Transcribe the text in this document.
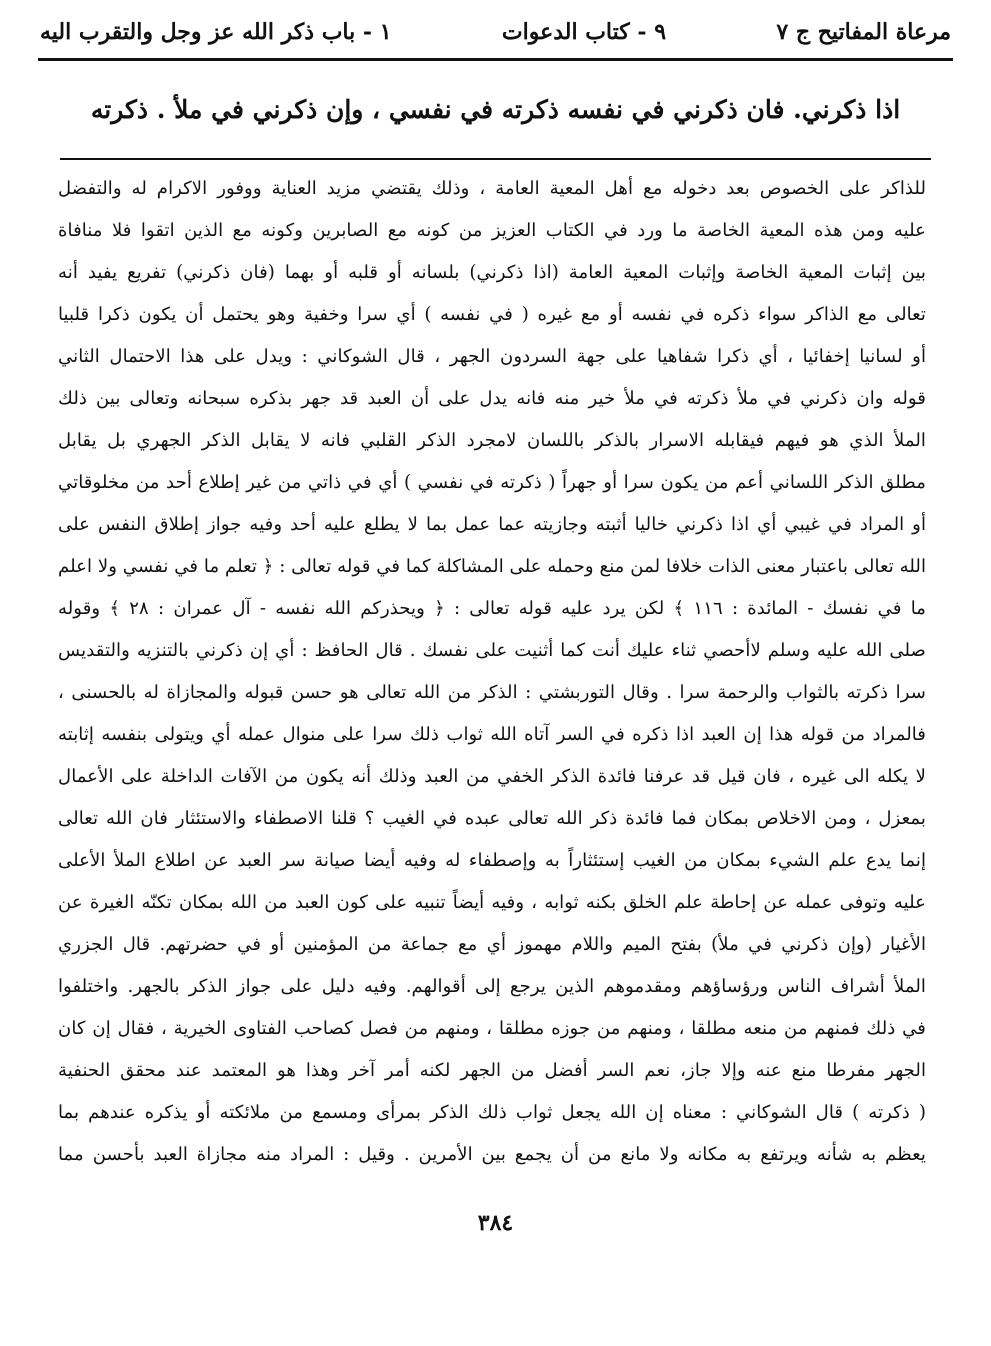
مرعاة المفاتيح ج ٧
٩ - كتاب الدعوات
١ - باب ذكر الله عز وجل والتقرب اليه
اذا ذكرني. فان ذكرني في نفسه ذكرته في نفسي ، وإن ذكرني في ملأ . ذكرته
للذاكر على الخصوص بعد دخوله مع أهل المعية العامة ، وذلك يقتضي مزيد العناية ووفور الاكرام له والتفضل
عليه ومن هذه المعية الخاصة ما ورد في الكتاب العزيز من كونه مع الصابرين وكونه مع الذين اتقوا فلا منافاة
بين إثبات المعية الخاصة وإثبات المعية العامة (اذا ذكرني) بلسانه أو قلبه أو بهما (فان ذكرني) تفريع يفيد أنه
تعالى مع الذاكر سواء ذكره في نفسه أو مع غيره ( في نفسه ) أي سرا وخفية وهو يحتمل أن يكون ذكرا قلبيا
أو لسانيا إخفائيا ، أي ذكرا شفاهيا على جهة السردون الجهر ، قال الشوكاني : ويدل على هذا الاحتمال الثاني
قوله وان ذكرني في ملأ ذكرته في ملأ خير منه فانه يدل على أن العبد قد جهر بذكره سبحانه وتعالى بين ذلك
الملأ الذي هو فيهم فيقابله الاسرار بالذكر باللسان لامجرد الذكر القلبي فانه لا يقابل الذكر الجهري بل يقابل
مطلق الذكر اللساني أعم من يكون سرا أو جهراً ( ذكرته في نفسي ) أي في ذاتي من غير إطلاع أحد من مخلوقاتي
أو المراد في غيبي أي اذا ذكرني خاليا أثبته وجازيته عما عمل بما لا يطلع عليه أحد وفيه جواز إطلاق النفس على
الله تعالى باعتبار معنى الذات خلافا لمن منع وحمله على المشاكلة كما في قوله تعالى : ﴿ تعلم ما في نفسي ولا اعلم
ما في نفسك - المائدة : ١١٦ ﴾ لكن يرد عليه قوله تعالى : ﴿ ويحذركم الله نفسه - آل عمران : ٢٨ ﴾ وقوله
صلى الله عليه وسلم لاأحصي ثناء عليك أنت كما أثنيت على نفسك . قال الحافظ : أي إن ذكرني بالتنزيه والتقديس
سرا ذكرته بالثواب والرحمة سرا . وقال التوربشتي : الذكر من الله تعالى هو حسن قبوله والمجازاة له بالحسنى ،
فالمراد من قوله هذا إن العبد اذا ذكره في السر آتاه الله ثواب ذلك سرا على منوال عمله أي ويتولى بنفسه إثابته
لا يكله الى غيره ، فان قيل قد عرفنا فائدة الذكر الخفي من العبد وذلك أنه يكون من الآفات الداخلة على الأعمال
بمعزل ، ومن الاخلاص بمكان فما فائدة ذكر الله تعالى عبده في الغيب ؟ قلنا الاصطفاء والاستئثار فان الله تعالى
إنما يدع علم الشيء بمكان من الغيب إستئثاراً به وإصطفاء له وفيه أيضا صيانة سر العبد عن اطلاع الملأ الأعلى
عليه وتوفى عمله عن إحاطة علم الخلق بكنه ثوابه ، وفيه أيضاً تنبيه على كون العبد من الله بمكان تكنّه الغيرة عن
الأغيار (وإن ذكرني في ملأ) بفتح الميم واللام مهموز أي مع جماعة من المؤمنين أو في حضرتهم. قال الجزري
الملأ أشراف الناس ورؤساؤهم ومقدموهم الذين يرجع إلى أقوالهم. وفيه دليل على جواز الذكر بالجهر. واختلفوا
في ذلك فمنهم من منعه مطلقا ، ومنهم من جوزه مطلقا ، ومنهم من فصل كصاحب الفتاوى الخيرية ، فقال إن كان
الجهر مفرطا منع عنه وإلا جاز، نعم السر أفضل من الجهر لكنه أمر آخر وهذا هو المعتمد عند محقق الحنفية
( ذكرته ) قال الشوكاني : معناه إن الله يجعل ثواب ذلك الذكر بمرأى ومسمع من ملائكته أو يذكره عندهم بما
يعظم به شأنه ويرتفع به مكانه ولا مانع من أن يجمع بين الأمرين . وقيل : المراد منه مجازاة العبد بأحسن مما
٣٨٤
